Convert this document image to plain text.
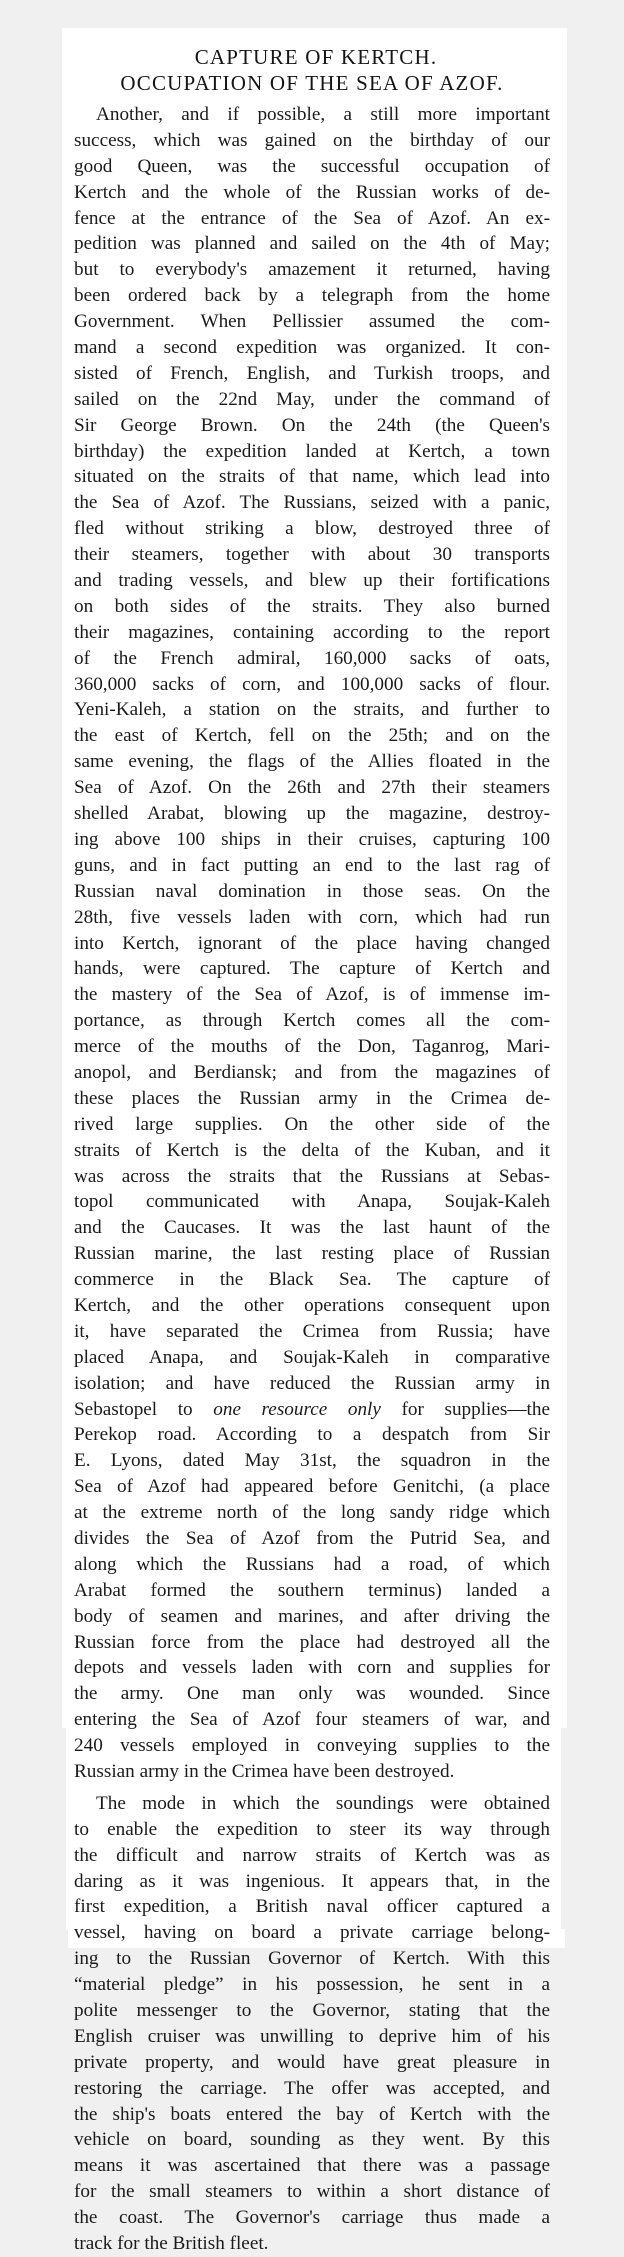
CAPTURE OF KERTCH.
OCCUPATION OF THE SEA OF AZOF.
Another, and if possible, a still more important
success, which was gained on the birthday of our
good Queen, was the successful occupation of
Kertch and the whole of the Russian works of de-
fence at the entrance of the Sea of Azof. An ex-
pedition was planned and sailed on the 4th of May;
but to everybody's amazement it returned, having
been ordered back by a telegraph from the home
Government. When Pellissier assumed the com-
mand a second expedition was organized. It con-
sisted of French, English, and Turkish troops, and
sailed on the 22nd May, under the command of
Sir George Brown. On the 24th (the Queen's
birthday) the expedition landed at Kertch, a town
situated on the straits of that name, which lead into
the Sea of Azof. The Russians, seized with a panic,
fled without striking a blow, destroyed three of
their steamers, together with about 30 transports
and trading vessels, and blew up their fortifications
on both sides of the straits. They also burned
their magazines, containing according to the report
of the French admiral, 160,000 sacks of oats,
360,000 sacks of corn, and 100,000 sacks of flour.
Yeni-Kaleh, a station on the straits, and further to
the east of Kertch, fell on the 25th; and on the
same evening, the flags of the Allies floated in the
Sea of Azof. On the 26th and 27th their steamers
shelled Arabat, blowing up the magazine, destroy-
ing above 100 ships in their cruises, capturing 100
guns, and in fact putting an end to the last rag of
Russian naval domination in those seas. On the
28th, five vessels laden with corn, which had run
into Kertch, ignorant of the place having changed
hands, were captured. The capture of Kertch and
the mastery of the Sea of Azof, is of immense im-
portance, as through Kertch comes all the com-
merce of the mouths of the Don, Taganrog, Mari-
anopol, and Berdiansk; and from the magazines of
these places the Russian army in the Crimea de-
rived large supplies. On the other side of the
straits of Kertch is the delta of the Kuban, and it
was across the straits that the Russians at Sebas-
topol communicated with Anapa, Soujak-Kaleh
and the Caucases. It was the last haunt of the
Russian marine, the last resting place of Russian
commerce in the Black Sea. The capture of
Kertch, and the other operations consequent upon
it, have separated the Crimea from Russia; have
placed Anapa, and Soujak-Kaleh in comparative
isolation; and have reduced the Russian army in
Sebastopel to one resource only for supplies—the
Perekop road. According to a despatch from Sir
E. Lyons, dated May 31st, the squadron in the
Sea of Azof had appeared before Genitchi, (a place
at the extreme north of the long sandy ridge which
divides the Sea of Azof from the Putrid Sea, and
along which the Russians had a road, of which
Arabat formed the southern terminus) landed a
body of seamen and marines, and after driving the
Russian force from the place had destroyed all the
depots and vessels laden with corn and supplies for
the army. One man only was wounded. Since
entering the Sea of Azof four steamers of war, and
240 vessels employed in conveying supplies to the
Russian army in the Crimea have been destroyed.
The mode in which the soundings were obtained
to enable the expedition to steer its way through
the difficult and narrow straits of Kertch was as
daring as it was ingenious. It appears that, in the
first expedition, a British naval officer captured a
vessel, having on board a private carriage belong-
ing to the Russian Governor of Kertch. With this
“material pledge” in his possession, he sent in a
polite messenger to the Governor, stating that the
English cruiser was unwilling to deprive him of his
private property, and would have great pleasure in
restoring the carriage. The offer was accepted, and
the ship's boats entered the bay of Kertch with the
vehicle on board, sounding as they went. By this
means it was ascertained that there was a passage
for the small steamers to within a short distance of
the coast. The Governor's carriage thus made a
track for the British fleet.
